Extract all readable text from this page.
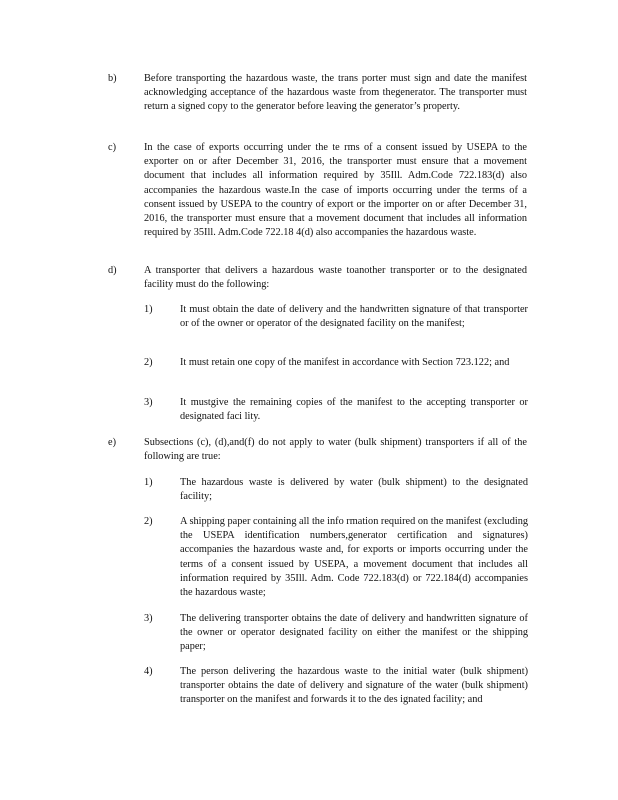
b)	Before transporting the hazardous waste, the trans porter must sign and date the manifest acknowledging acceptance of the hazardous waste from thegenerator. The transporter must return a signed copy to the generator before leaving the generator’s property.
c)	In the case of exports occurring under the te rms of a consent issued by USEPA to the exporter on or after December 31, 2016, the transporter must ensure that a movement document that includes all information required by 35Ill. Adm.Code 722.183(d) also accompanies the hazardous waste.In the case of imports occurring under the terms of a consent issued by USEPA to the country of export or the importer on or after December 31, 2016, the transporter must ensure that a movement document that includes all information required by 35Ill. Adm.Code 722.18 4(d) also accompanies the hazardous waste.
d)	A transporter that delivers a hazardous waste toanother transporter or to the designated facility must do the following:
1)	It must obtain the date of delivery and the handwritten signature of that transporter or of the owner or operator of the designated facility on the manifest;
2)	It must retain one copy of the manifest in accordance with Section 723.122; and
3)	It mustgive the remaining copies of the manifest to the accepting transporter or designated faci lity.
e)	Subsections (c), (d),and(f) do not apply to water (bulk shipment) transporters if all of the following are true:
1)	The hazardous waste is delivered by water (bulk shipment) to the designated facility;
2)	A shipping paper containing all the info rmation required on the manifest (excluding the USEPA identification numbers,generator certification and signatures) accompanies the hazardous waste and, for exports or imports occurring under the terms of a consent issued by USEPA, a movement document that includes all information required by 35Ill. Adm. Code 722.183(d) or 722.184(d) accompanies the hazardous waste;
3)	The delivering transporter obtains the date of delivery and handwritten signature of the owner or operator designated facility on either the manifest or the shipping paper;
4)	The person delivering the hazardous waste to the initial water (bulk shipment) transporter obtains the date of delivery and signature of the water (bulk shipment) transporter on the manifest and forwards it to the des ignated facility; and
